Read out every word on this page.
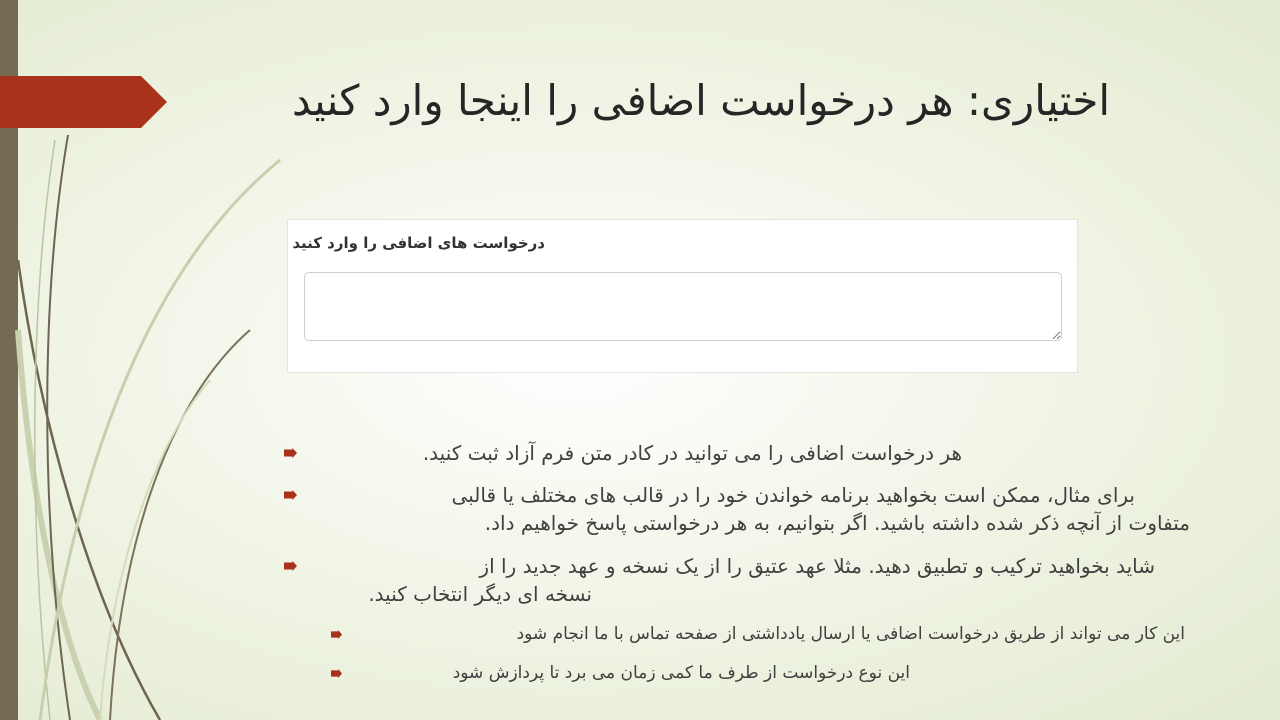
اختیاری: هر درخواست اضافی را اینجا وارد کنید
درخواست های اضافی را وارد کنید
هر درخواست اضافی را می توانید در کادر متن فرم آزاد ثبت کنید.
برای مثال، ممکن است بخواهید برنامه خواندن خود را در قالب های مختلف یا قالبی
متفاوت از آنچه ذکر شده داشته باشید. اگر بتوانیم، به هر درخواستی پاسخ خواهیم داد.
شاید بخواهید ترکیب و تطبیق دهید. مثلا عهد عتیق را از یک نسخه و عهد جدید را از
نسخه ای دیگر انتخاب کنید.
این کار می تواند از طریق درخواست اضافی یا ارسال یادداشتی از صفحه تماس با ما انجام شود
این نوع درخواست از طرف ما کمی زمان می برد تا پردازش شود
